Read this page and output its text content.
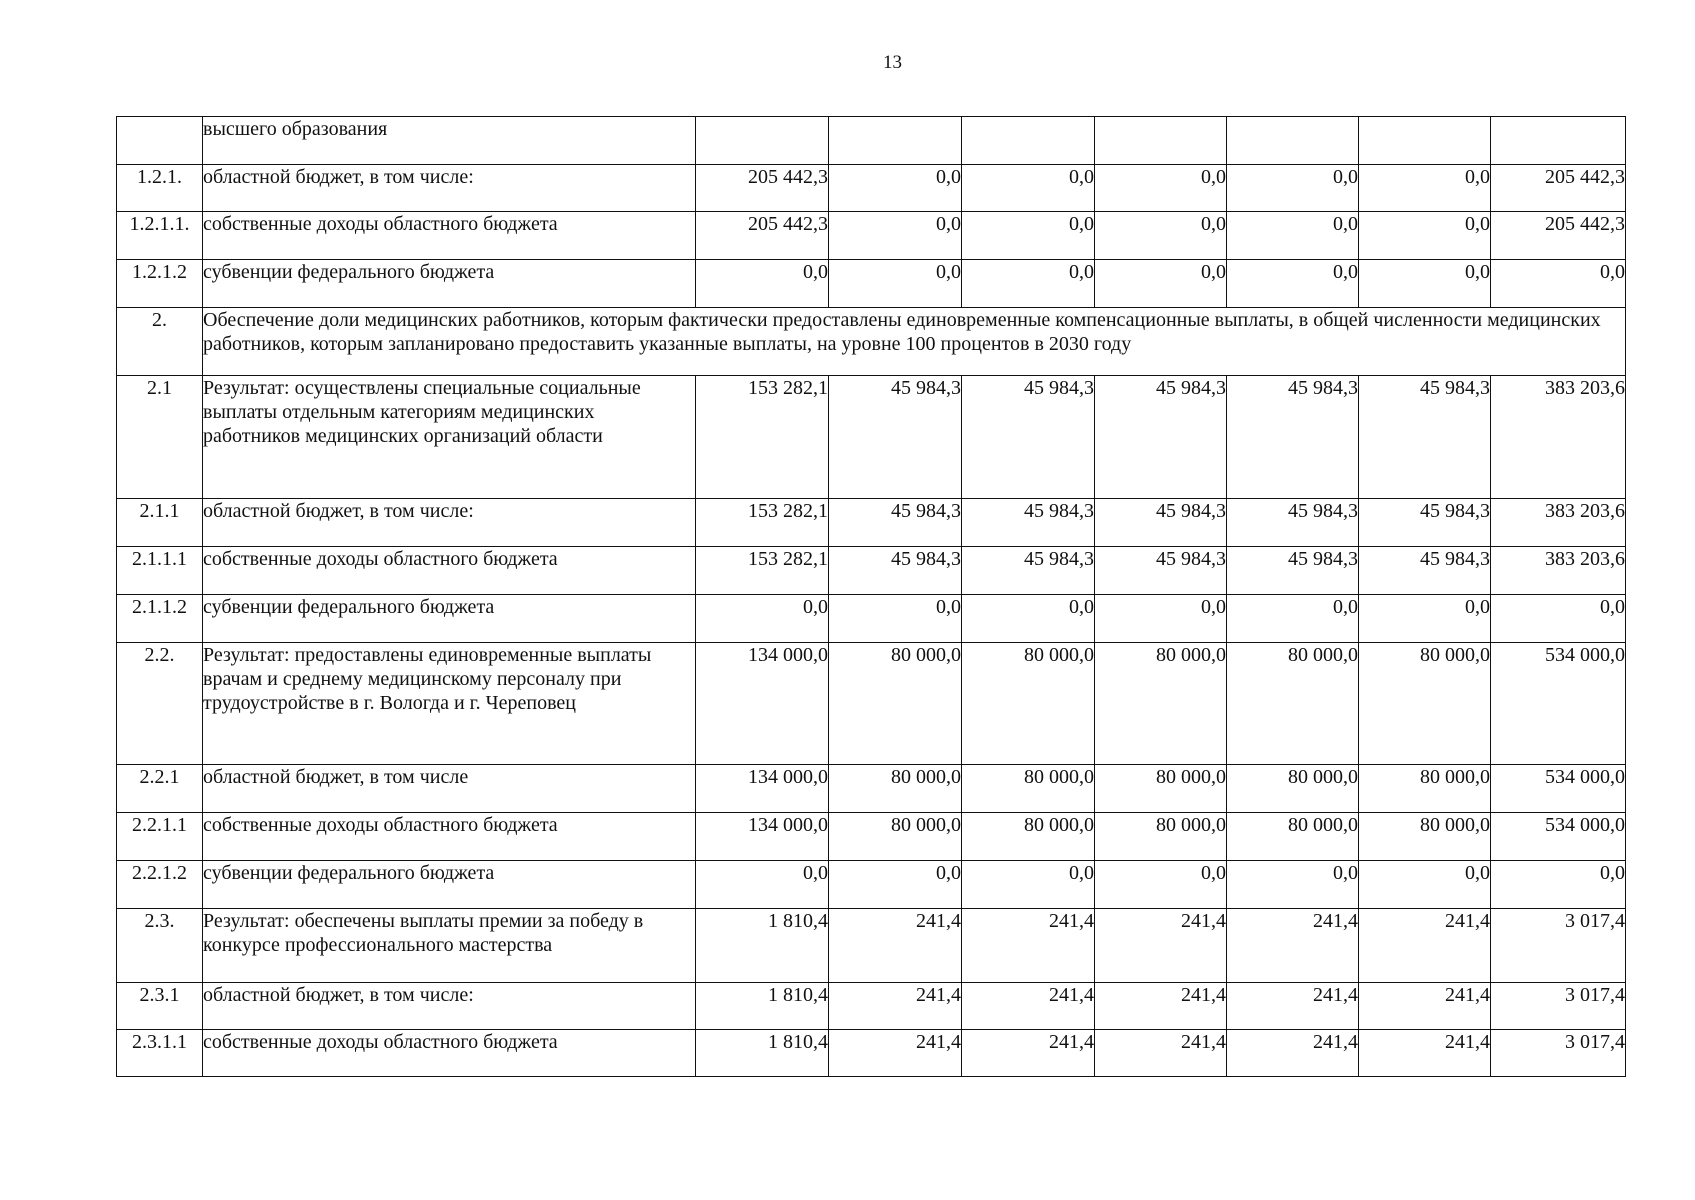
13
	высшего образования							
1.2.1.	областной бюджет, в том числе:	205 442,3	0,0	0,0	0,0	0,0	0,0	205 442,3
1.2.1.1.	собственные доходы областного бюджета	205 442,3	0,0	0,0	0,0	0,0	0,0	205 442,3
1.2.1.2	субвенции федерального бюджета	0,0	0,0	0,0	0,0	0,0	0,0	0,0
2.	Обеспечение доли медицинских работников, которым фактически предоставлены единовременные компенсационные выплаты, в общей численности медицинских работников, которым запланировано предоставить указанные выплаты, на уровне 100 процентов в 2030 году							
2.1	Результат: осуществлены специальные социальные выплаты отдельным категориям медицинских работников медицинских организаций области	153 282,1	45 984,3	45 984,3	45 984,3	45 984,3	45 984,3	383 203,6
2.1.1	областной бюджет, в том числе:	153 282,1	45 984,3	45 984,3	45 984,3	45 984,3	45 984,3	383 203,6
2.1.1.1	собственные доходы областного бюджета	153 282,1	45 984,3	45 984,3	45 984,3	45 984,3	45 984,3	383 203,6
2.1.1.2	субвенции федерального бюджета	0,0	0,0	0,0	0,0	0,0	0,0	0,0
2.2.	Результат: предоставлены единовременные выплаты врачам и среднему медицинскому персоналу при трудоустройстве в г. Вологда и г. Череповец	134 000,0	80 000,0	80 000,0	80 000,0	80 000,0	80 000,0	534 000,0
2.2.1	областной бюджет, в том числе	134 000,0	80 000,0	80 000,0	80 000,0	80 000,0	80 000,0	534 000,0
2.2.1.1	собственные доходы областного бюджета	134 000,0	80 000,0	80 000,0	80 000,0	80 000,0	80 000,0	534 000,0
2.2.1.2	субвенции федерального бюджета	0,0	0,0	0,0	0,0	0,0	0,0	0,0
2.3.	Результат: обеспечены выплаты премии за победу в конкурсе профессионального мастерства	1 810,4	241,4	241,4	241,4	241,4	241,4	3 017,4
2.3.1	областной бюджет, в том числе:	1 810,4	241,4	241,4	241,4	241,4	241,4	3 017,4
2.3.1.1	собственные доходы областного бюджета	1 810,4	241,4	241,4	241,4	241,4	241,4	3 017,4
